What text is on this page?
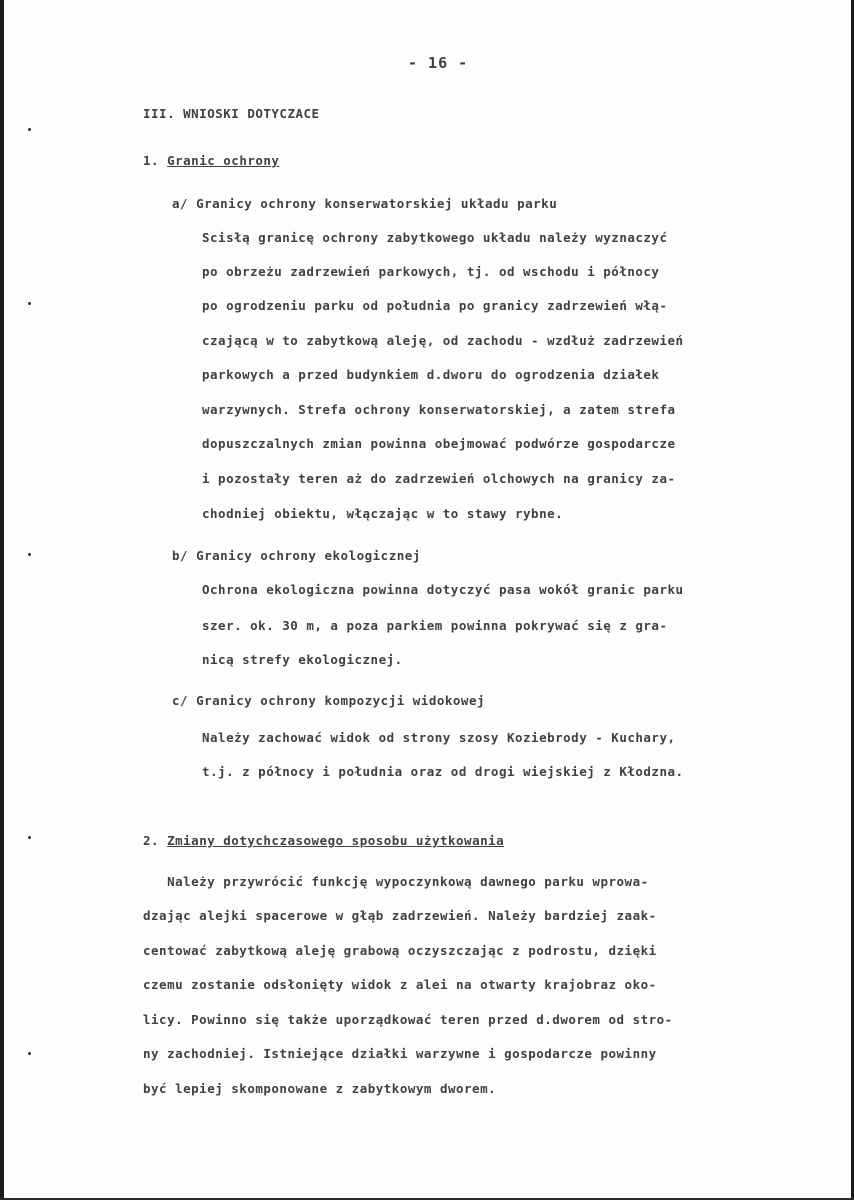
- 16 -
III. WNIOSKI DOTYCZACE
1. Granic ochrony
a/ Granicy ochrony konserwatorskiej układu parku
Scisłą granicę ochrony zabytkowego układu należy wyznaczyć
po obrzeżu zadrzewień parkowych, tj. od wschodu i północy
po ogrodzeniu parku od południa po granicy zadrzewień włą-
czającą w to zabytkową aleję, od zachodu - wzdłuż zadrzewień
parkowych a przed budynkiem d.dworu do ogrodzenia działek
warzywnych. Strefa ochrony konserwatorskiej, a zatem strefa
dopuszczalnych zmian powinna obejmować podwórze gospodarcze
i pozostały teren aż do zadrzewień olchowych na granicy za-
chodniej obiektu, włączając w to stawy rybne.
b/ Granicy ochrony ekologicznej
Ochrona ekologiczna powinna dotyczyć pasa wokół granic parku
szer. ok. 30 m, a poza parkiem powinna pokrywać się z gra-
nicą strefy ekologicznej.
c/ Granicy ochrony kompozycji widokowej
Należy zachować widok od strony szosy Koziebrody - Kuchary,
t.j. z północy i południa oraz od drogi wiejskiej z Kłodzna.
2. Zmiany dotychczasowego sposobu użytkowania
Należy przywrócić funkcję wypoczynkową dawnego parku wprowa-
dzając alejki spacerowe w głąb zadrzewień. Należy bardziej zaak-
centować zabytkową aleję grabową oczyszczając z podrostu, dzięki
czemu zostanie odsłonięty widok z alei na otwarty krajobraz oko-
licy. Powinno się także uporządkować teren przed d.dworem od stro-
ny zachodniej. Istniejące działki warzywne i gospodarcze powinny
być lepiej skomponowane z zabytkowym dworem.
